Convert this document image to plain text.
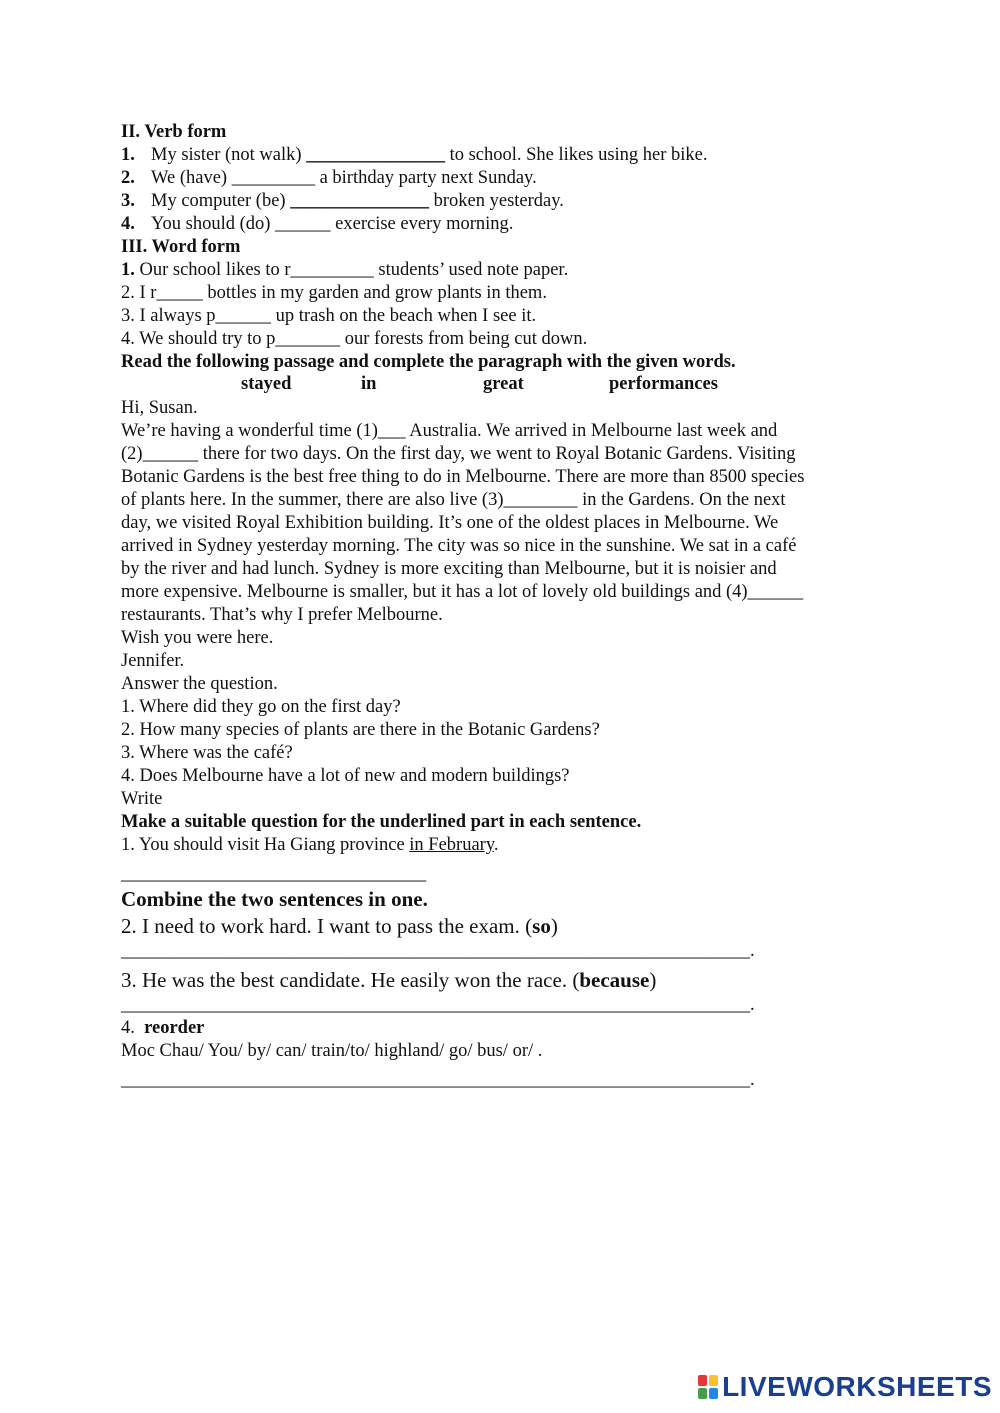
II. Verb form
1. My sister (not walk) _______________ to school. She likes using her bike.
2. We (have) _________ a birthday party next Sunday.
3. My computer (be) _______________ broken yesterday.
4. You should (do) ______ exercise every morning.
III. Word form
1. Our school likes to r_________ students’ used note paper.
2. I r_____ bottles in my garden and grow plants in them.
3. I always p______ up trash on the beach when I see it.
4. We should try to p_______ our forests from being cut down.
Read the following passage and complete the paragraph with the given words.
stayed	in	great	performances
Hi, Susan.
We’re having a wonderful time (1)___ Australia. We arrived in Melbourne last week and
(2)______ there for two days. On the first day, we went to Royal Botanic Gardens. Visiting
Botanic Gardens is the best free thing to do in Melbourne. There are more than 8500 species
of plants here. In the summer, there are also live (3)________ in the Gardens. On the next
day, we visited Royal Exhibition building. It’s one of the oldest places in Melbourne. We
arrived in Sydney yesterday morning. The city was so nice in the sunshine. We sat in a café
by the river and had lunch. Sydney is more exciting than Melbourne, but it is noisier and
more expensive. Melbourne is smaller, but it has a lot of lovely old buildings and (4)______
restaurants. That’s why I prefer Melbourne.
Wish you were here.
Jennifer.
Answer the question.
1. Where did they go on the first day?
2. How many species of plants are there in the Botanic Gardens?
3. Where was the café?
4. Does Melbourne have a lot of new and modern buildings?
Write
Make a suitable question for the underlined part in each sentence.
1. You should visit Ha Giang province in February.
_________________________________
Combine the two sentences in one.
2. I need to work hard. I want to pass the exam. (so)
____________________________________________________________________.
3. He was the best candidate. He easily won the race. (because)
____________________________________________________________________.
4. reorder
Moc Chau/ You/ by/ can/ train/to/ highland/ go/ bus/ or/ .
____________________________________________________________________.
LIVEWORKSHEETS
